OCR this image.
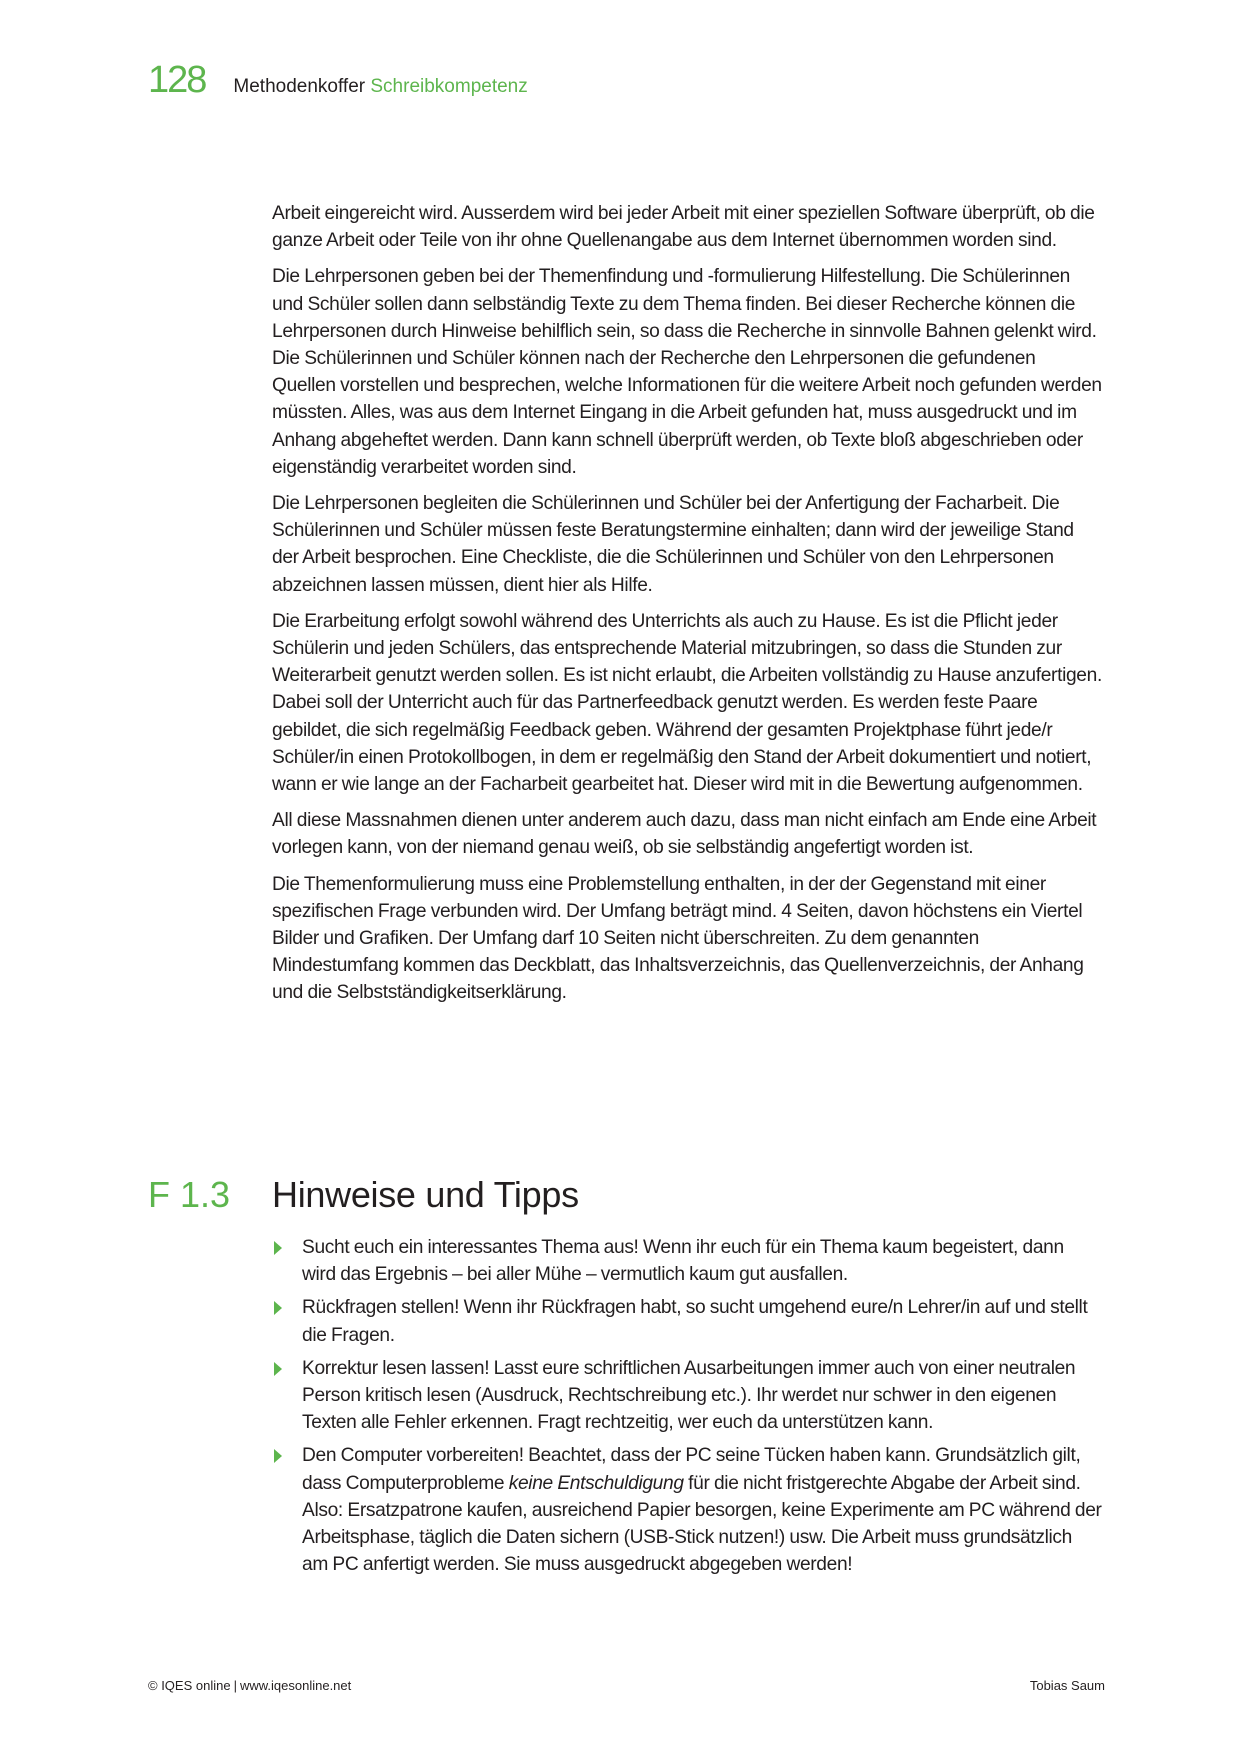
128 Methodenkoffer Schreibkompetenz

Arbeit eingereicht wird. Ausserdem wird bei jeder Arbeit mit einer speziellen Software überprüft, ob die ganze Arbeit oder Teile von ihr ohne Quellenangabe aus dem Internet übernommen worden sind.

Die Lehrpersonen geben bei der Themenfindung und -formulierung Hilfestellung. Die Schülerinnen und Schüler sollen dann selbständig Texte zu dem Thema finden. Bei dieser Recherche können die Lehrpersonen durch Hinweise behilflich sein, so dass die Recherche in sinnvolle Bahnen gelenkt wird. Die Schülerinnen und Schüler können nach der Recherche den Lehrpersonen die gefundenen Quellen vorstellen und besprechen, welche Informationen für die weitere Arbeit noch gefunden werden müssten. Alles, was aus dem Internet Eingang in die Arbeit gefunden hat, muss ausgedruckt und im Anhang abgeheftet werden. Dann kann schnell überprüft werden, ob Texte bloß abgeschrieben oder eigenständig verarbeitet worden sind.

Die Lehrpersonen begleiten die Schülerinnen und Schüler bei der Anfertigung der Facharbeit. Die Schülerinnen und Schüler müssen feste Beratungstermine einhalten; dann wird der jeweilige Stand der Arbeit besprochen. Eine Checkliste, die die Schülerinnen und Schüler von den Lehrpersonen abzeichnen lassen müssen, dient hier als Hilfe.

Die Erarbeitung erfolgt sowohl während des Unterrichts als auch zu Hause. Es ist die Pflicht jeder Schülerin und jeden Schülers, das entsprechende Material mitzubringen, so dass die Stunden zur Weiterarbeit genutzt werden sollen. Es ist nicht erlaubt, die Arbeiten vollständig zu Hause anzufertigen. Dabei soll der Unterricht auch für das Partnerfeedback genutzt werden. Es werden feste Paare gebildet, die sich regelmäßig Feedback geben. Während der gesamten Projektphase führt jede/r Schüler/in einen Protokollbogen, in dem er regelmäßig den Stand der Arbeit dokumentiert und notiert, wann er wie lange an der Facharbeit gearbeitet hat. Dieser wird mit in die Bewertung aufgenommen.

All diese Massnahmen dienen unter anderem auch dazu, dass man nicht einfach am Ende eine Arbeit vorlegen kann, von der niemand genau weiß, ob sie selbständig angefertigt worden ist.

Die Themenformulierung muss eine Problemstellung enthalten, in der der Gegenstand mit einer spezifischen Frage verbunden wird. Der Umfang beträgt mind. 4 Seiten, davon höchstens ein Viertel Bilder und Grafiken. Der Umfang darf 10 Seiten nicht überschreiten. Zu dem genannten Mindestumfang kommen das Deckblatt, das Inhaltsverzeichnis, das Quellenverzeichnis, der Anhang und die Selbstständigkeitserklärung.

F 1.3	Hinweise und Tipps
Sucht euch ein interessantes Thema aus! Wenn ihr euch für ein Thema kaum begeistert, dann wird das Ergebnis – bei aller Mühe – vermutlich kaum gut ausfallen.
Rückfragen stellen! Wenn ihr Rückfragen habt, so sucht umgehend eure/n Lehrer/in auf und stellt die Fragen.
Korrektur lesen lassen! Lasst eure schriftlichen Ausarbeitungen immer auch von einer neutralen Person kritisch lesen (Ausdruck, Rechtschreibung etc.). Ihr werdet nur schwer in den eigenen Texten alle Fehler erkennen. Fragt rechtzeitig, wer euch da unterstützen kann.
Den Computer vorbereiten! Beachtet, dass der PC seine Tücken haben kann. Grundsätzlich gilt, dass Computerprobleme keine Entschuldigung für die nicht fristgerechte Abgabe der Arbeit sind. Also: Ersatzpatrone kaufen, ausreichend Papier besorgen, keine Experimente am PC während der Arbeitsphase, täglich die Daten sichern (USB-Stick nutzen!) usw. Die Arbeit muss grundsätzlich am PC anfertigt werden. Sie muss ausgedruckt abgegeben werden!
© IQES online | www.iqesonline.net	Tobias Saum
